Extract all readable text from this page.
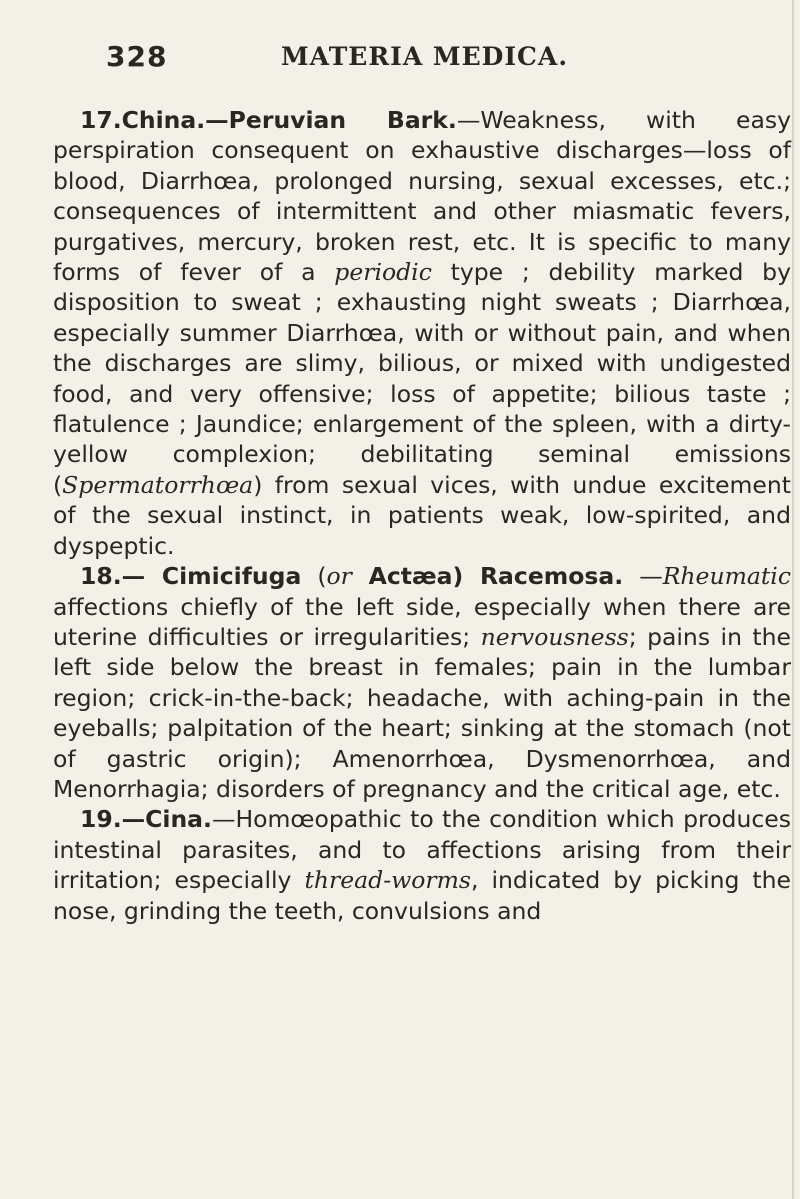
328	MATERIA MEDICA.

17.China.—Peruvian Bark.—Weakness, with easy perspiration consequent on exhaustive discharges—loss of blood, Diarrhœa, prolonged nursing, sexual excesses, etc.; consequences of intermittent and other miasmatic fevers, purgatives, mercury, broken rest, etc. It is specific to many forms of fever of a periodic type ; debility marked by disposition to sweat ; exhausting night sweats ; Diarrhœa, especially summer Diarrhœa, with or without pain, and when the discharges are slimy, bilious, or mixed with undigested food, and very offensive; loss of appetite; bilious taste ; flatulence ; Jaundice; enlargement of the spleen, with a dirty-yellow complexion; debilitating seminal emissions (Spermatorrhœa) from sexual vices, with undue excitement of the sexual instinct, in patients weak, low-spirited, and dyspeptic.

18.— Cimicifuga (or Actæa) Racemosa. —Rheumatic affections chiefly of the left side, especially when there are uterine difficulties or irregularities; nervousness; pains in the left side below the breast in females; pain in the lumbar region; crick-in-the-back; headache, with aching-pain in the eyeballs; palpitation of the heart; sinking at the stomach (not of gastric origin); Amenorrhœa, Dysmenorrhœa, and Menorrhagia; disorders of pregnancy and the critical age, etc.

19.—Cina.—Homœopathic to the condition which produces intestinal parasites, and to affections arising from their irritation; especially thread-worms, indicated by picking the nose, grinding the teeth, convulsions and
